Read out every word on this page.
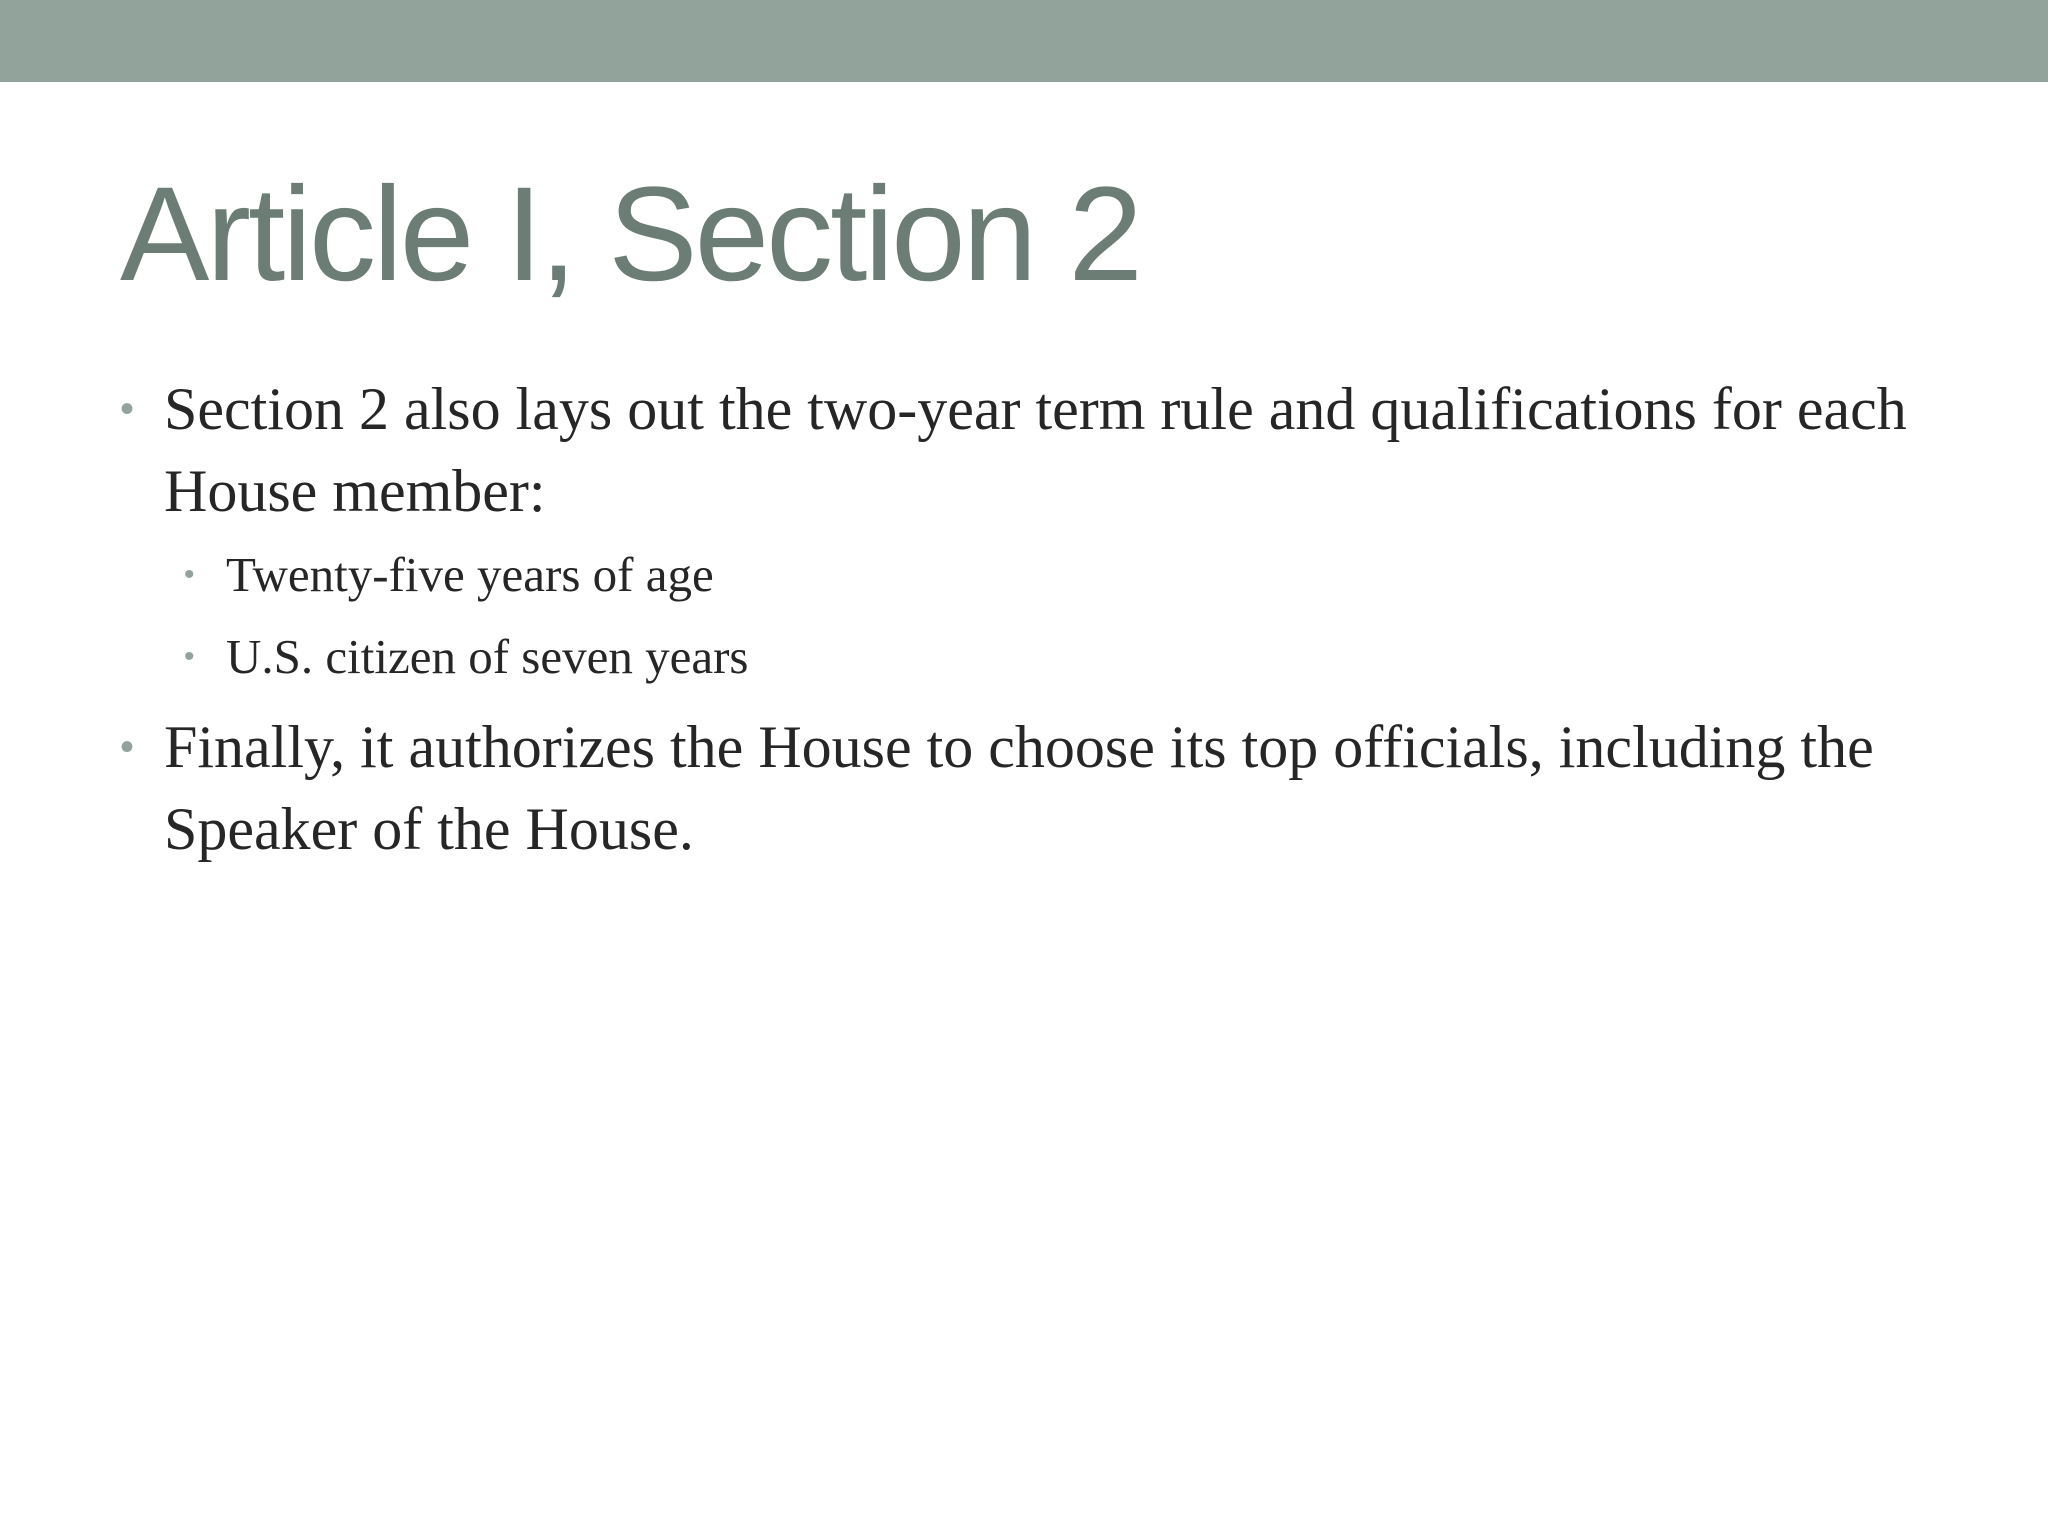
Article I, Section 2
• Section 2 also lays out the two-year term rule and qualifications for each House member:
• Twenty-five years of age
• U.S. citizen of seven years
• Finally, it authorizes the House to choose its top officials, including the Speaker of the House.
